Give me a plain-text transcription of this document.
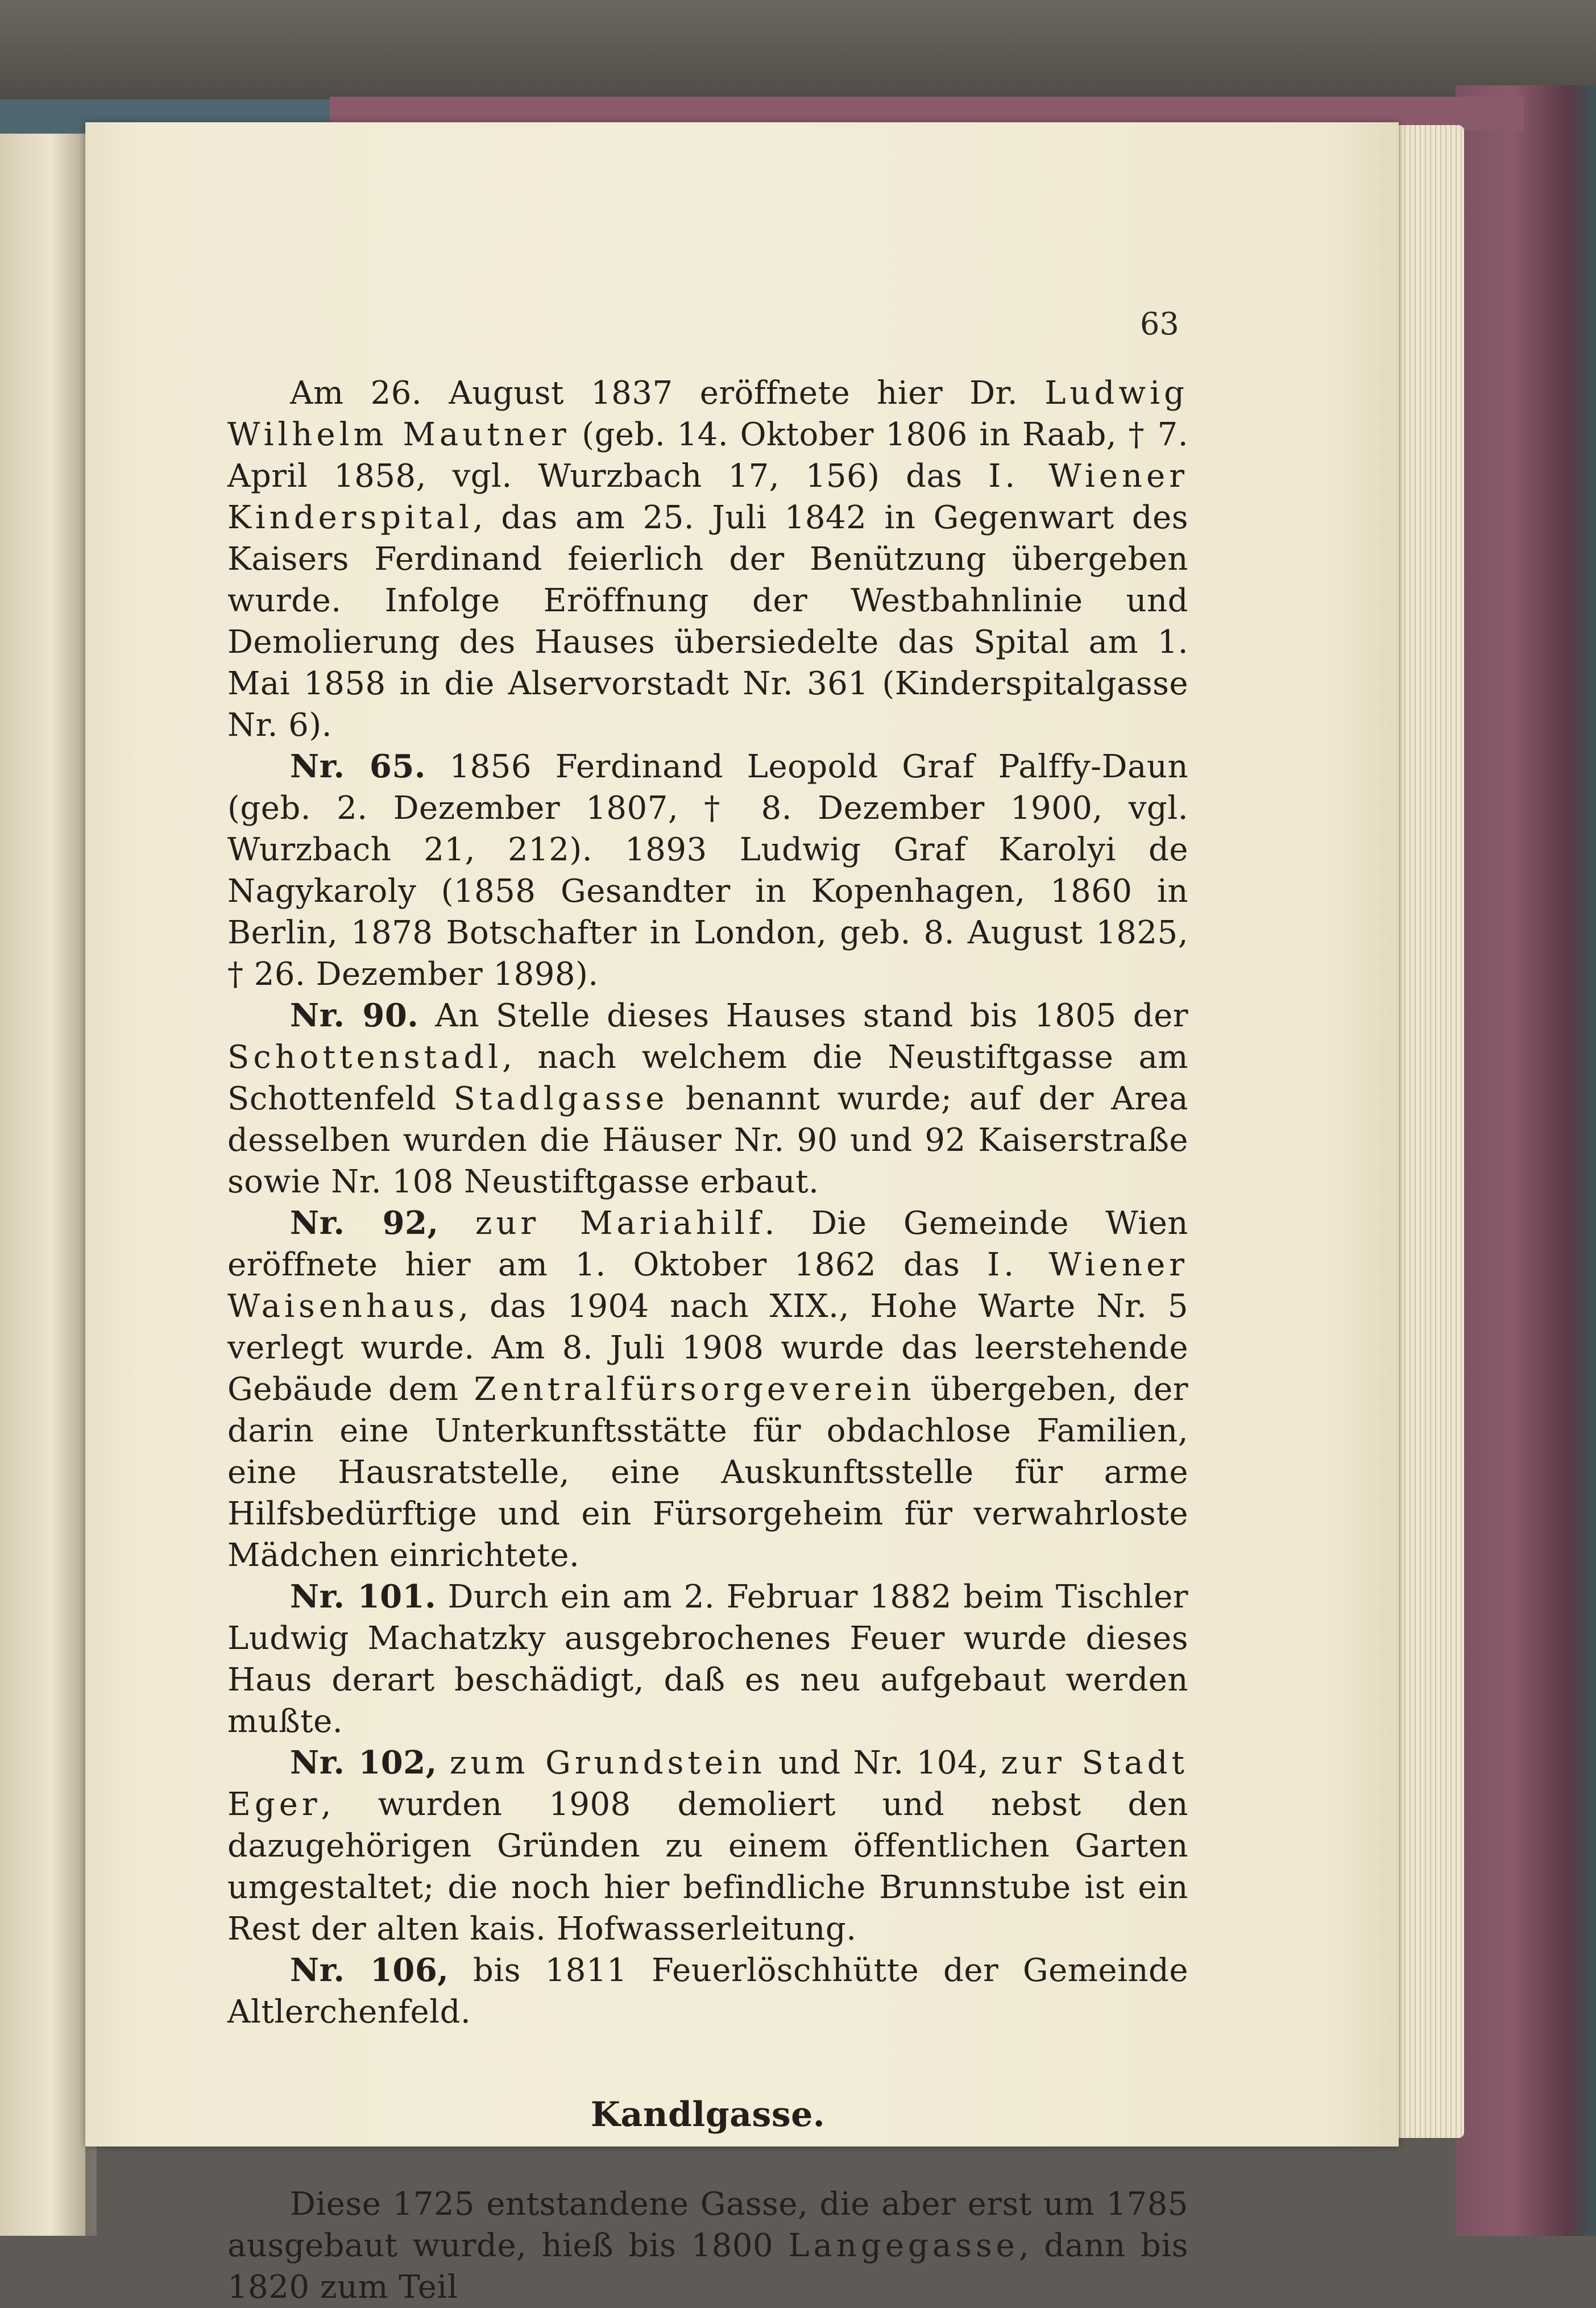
63

Am 26. August 1837 eröffnete hier Dr. Ludwig Wilhelm Mautner (geb. 14. Oktober 1806 in Raab, † 7. April 1858, vgl. Wurzbach 17, 156) das I. Wiener Kinderspital, das am 25. Juli 1842 in Gegenwart des Kaisers Ferdinand feierlich der Benützung übergeben wurde. Infolge Eröffnung der Westbahnlinie und Demolierung des Hauses übersiedelte das Spital am 1. Mai 1858 in die Alservorstadt Nr. 361 (Kinderspitalgasse Nr. 6).

Nr. 65. 1856 Ferdinand Leopold Graf Palffy-Daun (geb. 2. Dezember 1807, † 8. Dezember 1900, vgl. Wurzbach 21, 212). 1893 Ludwig Graf Karolyi de Nagykaroly (1858 Gesandter in Kopenhagen, 1860 in Berlin, 1878 Botschafter in London, geb. 8. August 1825, † 26. Dezember 1898).

Nr. 90. An Stelle dieses Hauses stand bis 1805 der Schottenstadl, nach welchem die Neustiftgasse am Schottenfeld Stadlgasse benannt wurde; auf der Area desselben wurden die Häuser Nr. 90 und 92 Kaiserstraße sowie Nr. 108 Neustiftgasse erbaut.

Nr. 92, zur Mariahilf. Die Gemeinde Wien eröffnete hier am 1. Oktober 1862 das I. Wiener Waisenhaus, das 1904 nach XIX., Hohe Warte Nr. 5 verlegt wurde. Am 8. Juli 1908 wurde das leerstehende Gebäude dem Zentralfürsorgeverein übergeben, der darin eine Unterkunftsstätte für obdachlose Familien, eine Hausratstelle, eine Auskunftsstelle für arme Hilfsbedürftige und ein Fürsorgeheim für verwahrloste Mädchen einrichtete.

Nr. 101. Durch ein am 2. Februar 1882 beim Tischler Ludwig Machatzky ausgebrochenes Feuer wurde dieses Haus derart beschädigt, daß es neu aufgebaut werden mußte.

Nr. 102, zum Grundstein und Nr. 104, zur Stadt Eger, wurden 1908 demoliert und nebst den dazugehörigen Gründen zu einem öffentlichen Garten umgestaltet; die noch hier befindliche Brunnstube ist ein Rest der alten kais. Hofwasserleitung.

Nr. 106, bis 1811 Feuerlöschhütte der Gemeinde Altlerchenfeld.

Kandlgasse.

Diese 1725 entstandene Gasse, die aber erst um 1785 ausgebaut wurde, hieß bis 1800 Langegasse, dann bis 1820 zum Teil
